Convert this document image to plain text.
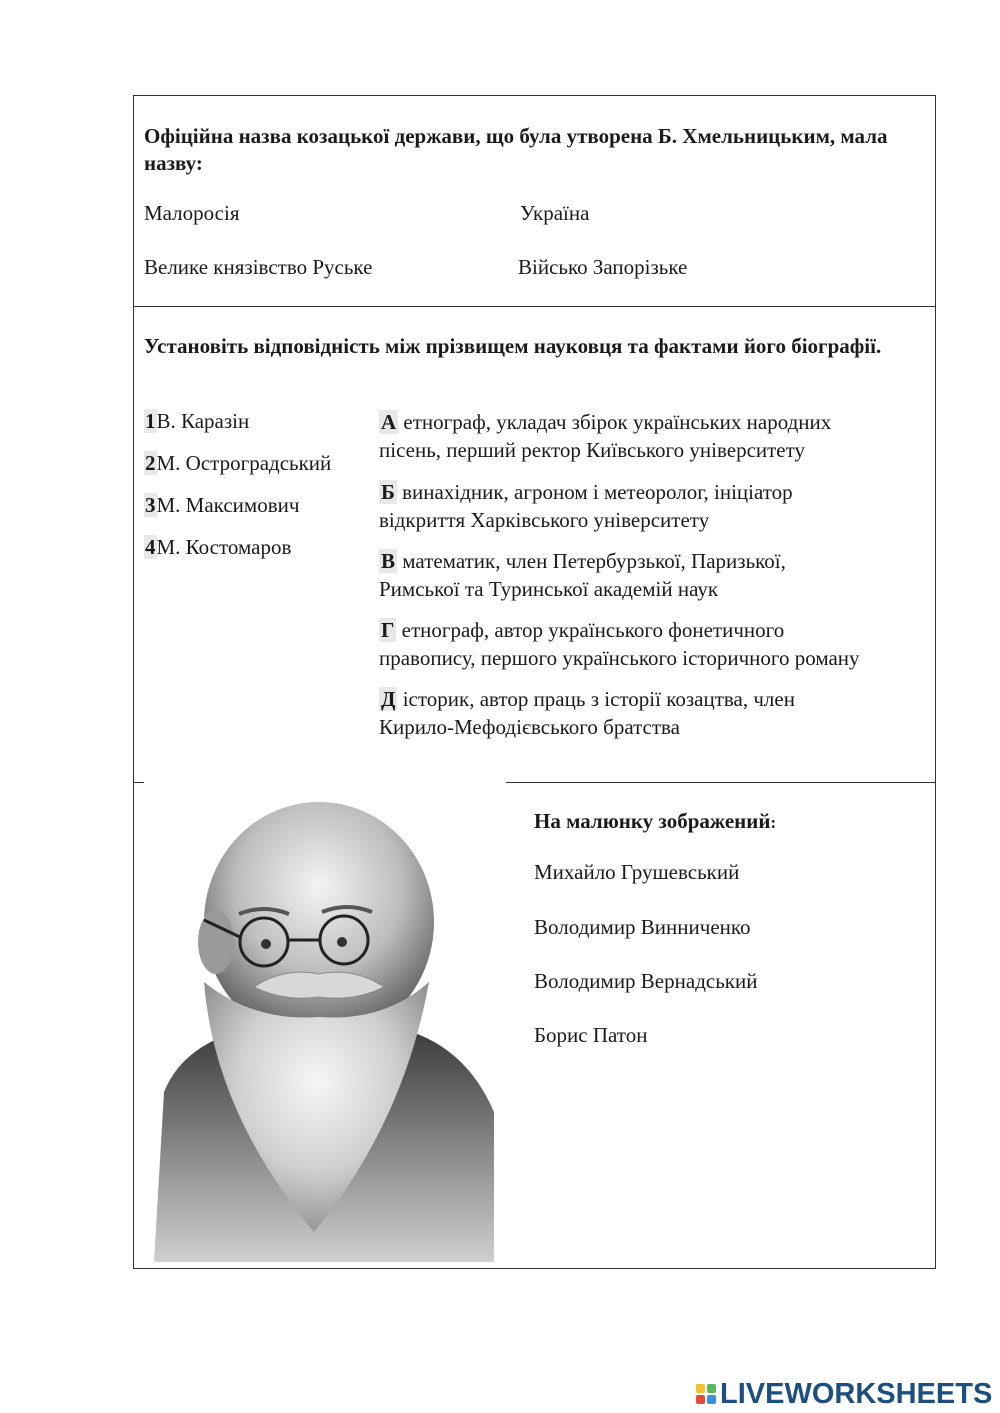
Офіційна назва козацької держави, що була утворена Б. Хмельницьким, мала назву:
Малоросія	Україна
Велике князівство Руське	Військо Запорізьке
Установіть відповідність між прізвищем науковця та фактами його біографії.
1В. Каразін
2М. Остроградський
3М. Максимович
4М. Костомаров
А етнограф, укладач збірок українських народних
пісень, перший ректор Київського університету
Б винахідник, агроном і метеоролог, ініціатор
відкриття Харківського університету
В математик, член Петербурзької, Паризької,
Римської та Туринської академій наук
Г етнограф, автор українського фонетичного
правопису, першого українського історичного роману
Д історик, автор праць з історії козацтва, член
Кирило-Мефодієвського братства
На малюнку зображений:
Михайло Грушевський
Володимир Винниченко
Володимир Вернадський
Борис Патон
LIVEWORKSHEETS
